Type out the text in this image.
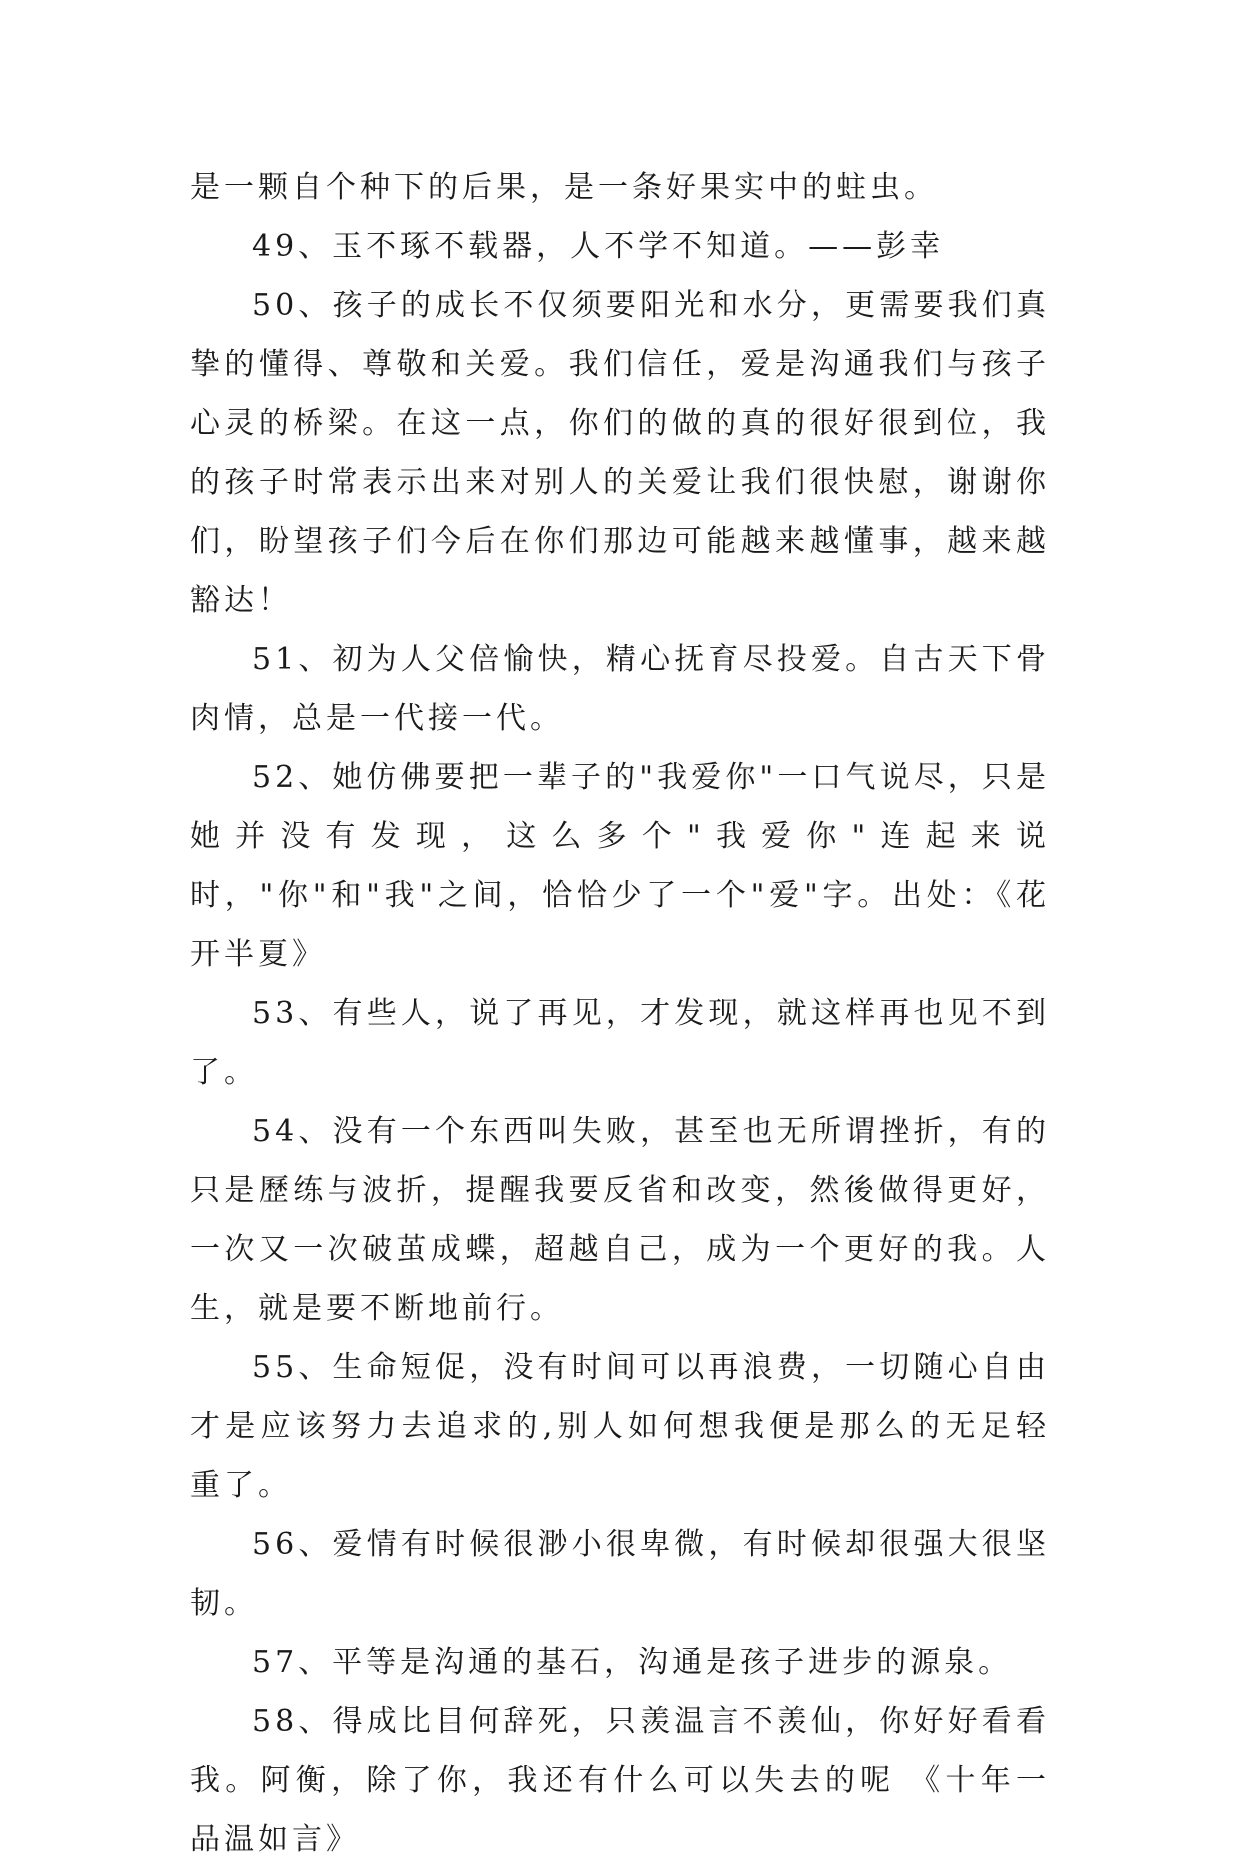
是一颗自个种下的后果，是一条好果实中的蛀虫。

49、玉不琢不载器，人不学不知道。——彭幸

50、孩子的成长不仅须要阳光和水分，更需要我们真挚的懂得、尊敬和关爱。我们信任，爱是沟通我们与孩子心灵的桥梁。在这一点，你们的做的真的很好很到位，我的孩子时常表示出来对别人的关爱让我们很快慰，谢谢你们，盼望孩子们今后在你们那边可能越来越懂事，越来越豁达！

51、初为人父倍愉快，精心抚育尽投爱。自古天下骨肉情，总是一代接一代。

52、她仿佛要把一辈子的"我爱你"一口气说尽，只是她并没有发现，这么多个"我爱你"连起来说时，"你"和"我"之间，恰恰少了一个"爱"字。出处：《花开半夏》

53、有些人，说了再见，才发现，就这样再也见不到了。

54、没有一个东西叫失败，甚至也无所谓挫折，有的只是歷练与波折，提醒我要反省和改变，然後做得更好，一次又一次破茧成蝶，超越自己，成为一个更好的我。人生，就是要不断地前行。

55、生命短促，没有时间可以再浪费，一切随心自由才是应该努力去追求的,别人如何想我便是那么的无足轻重了。

56、爱情有时候很渺小很卑微，有时候却很强大很坚韧。

57、平等是沟通的基石，沟通是孩子进步的源泉。

58、得成比目何辞死，只羡温言不羡仙，你好好看看我。阿衡，除了你，我还有什么可以失去的呢 《十年一品温如言》
